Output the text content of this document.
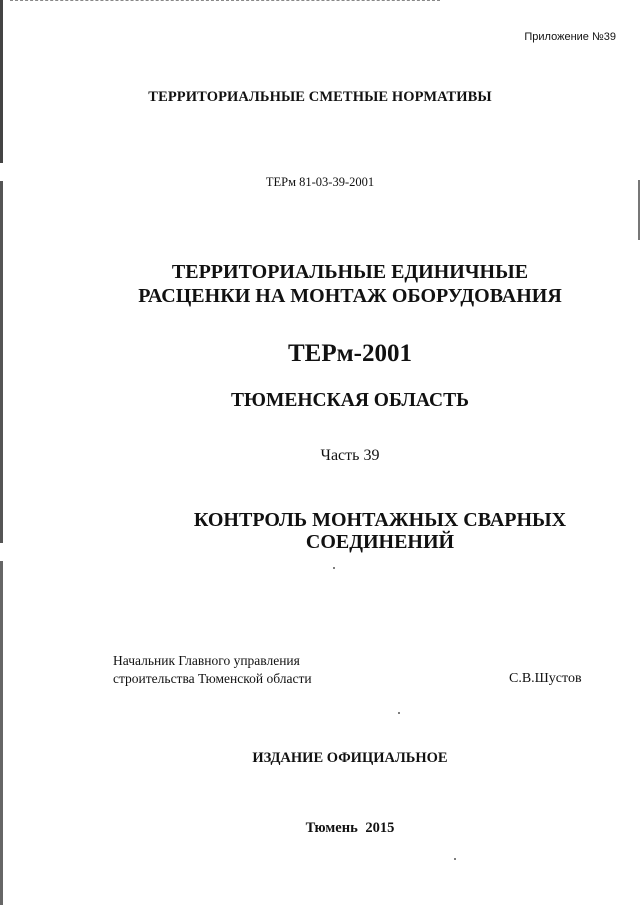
Приложение №39
ТЕРРИТОРИАЛЬНЫЕ СМЕТНЫЕ НОРМАТИВЫ
ТЕРм 81-03-39-2001
ТЕРРИТОРИАЛЬНЫЕ ЕДИНИЧНЫЕ
РАСЦЕНКИ НА МОНТАЖ ОБОРУДОВАНИЯ
ТЕРм-2001
ТЮМЕНСКАЯ ОБЛАСТЬ
Часть 39
КОНТРОЛЬ МОНТАЖНЫХ СВАРНЫХ
СОЕДИНЕНИЙ
Начальник Главного управления
строительства Тюменской области	С.В.Шустов
ИЗДАНИЕ ОФИЦИАЛЬНОЕ
Тюмень 2015
